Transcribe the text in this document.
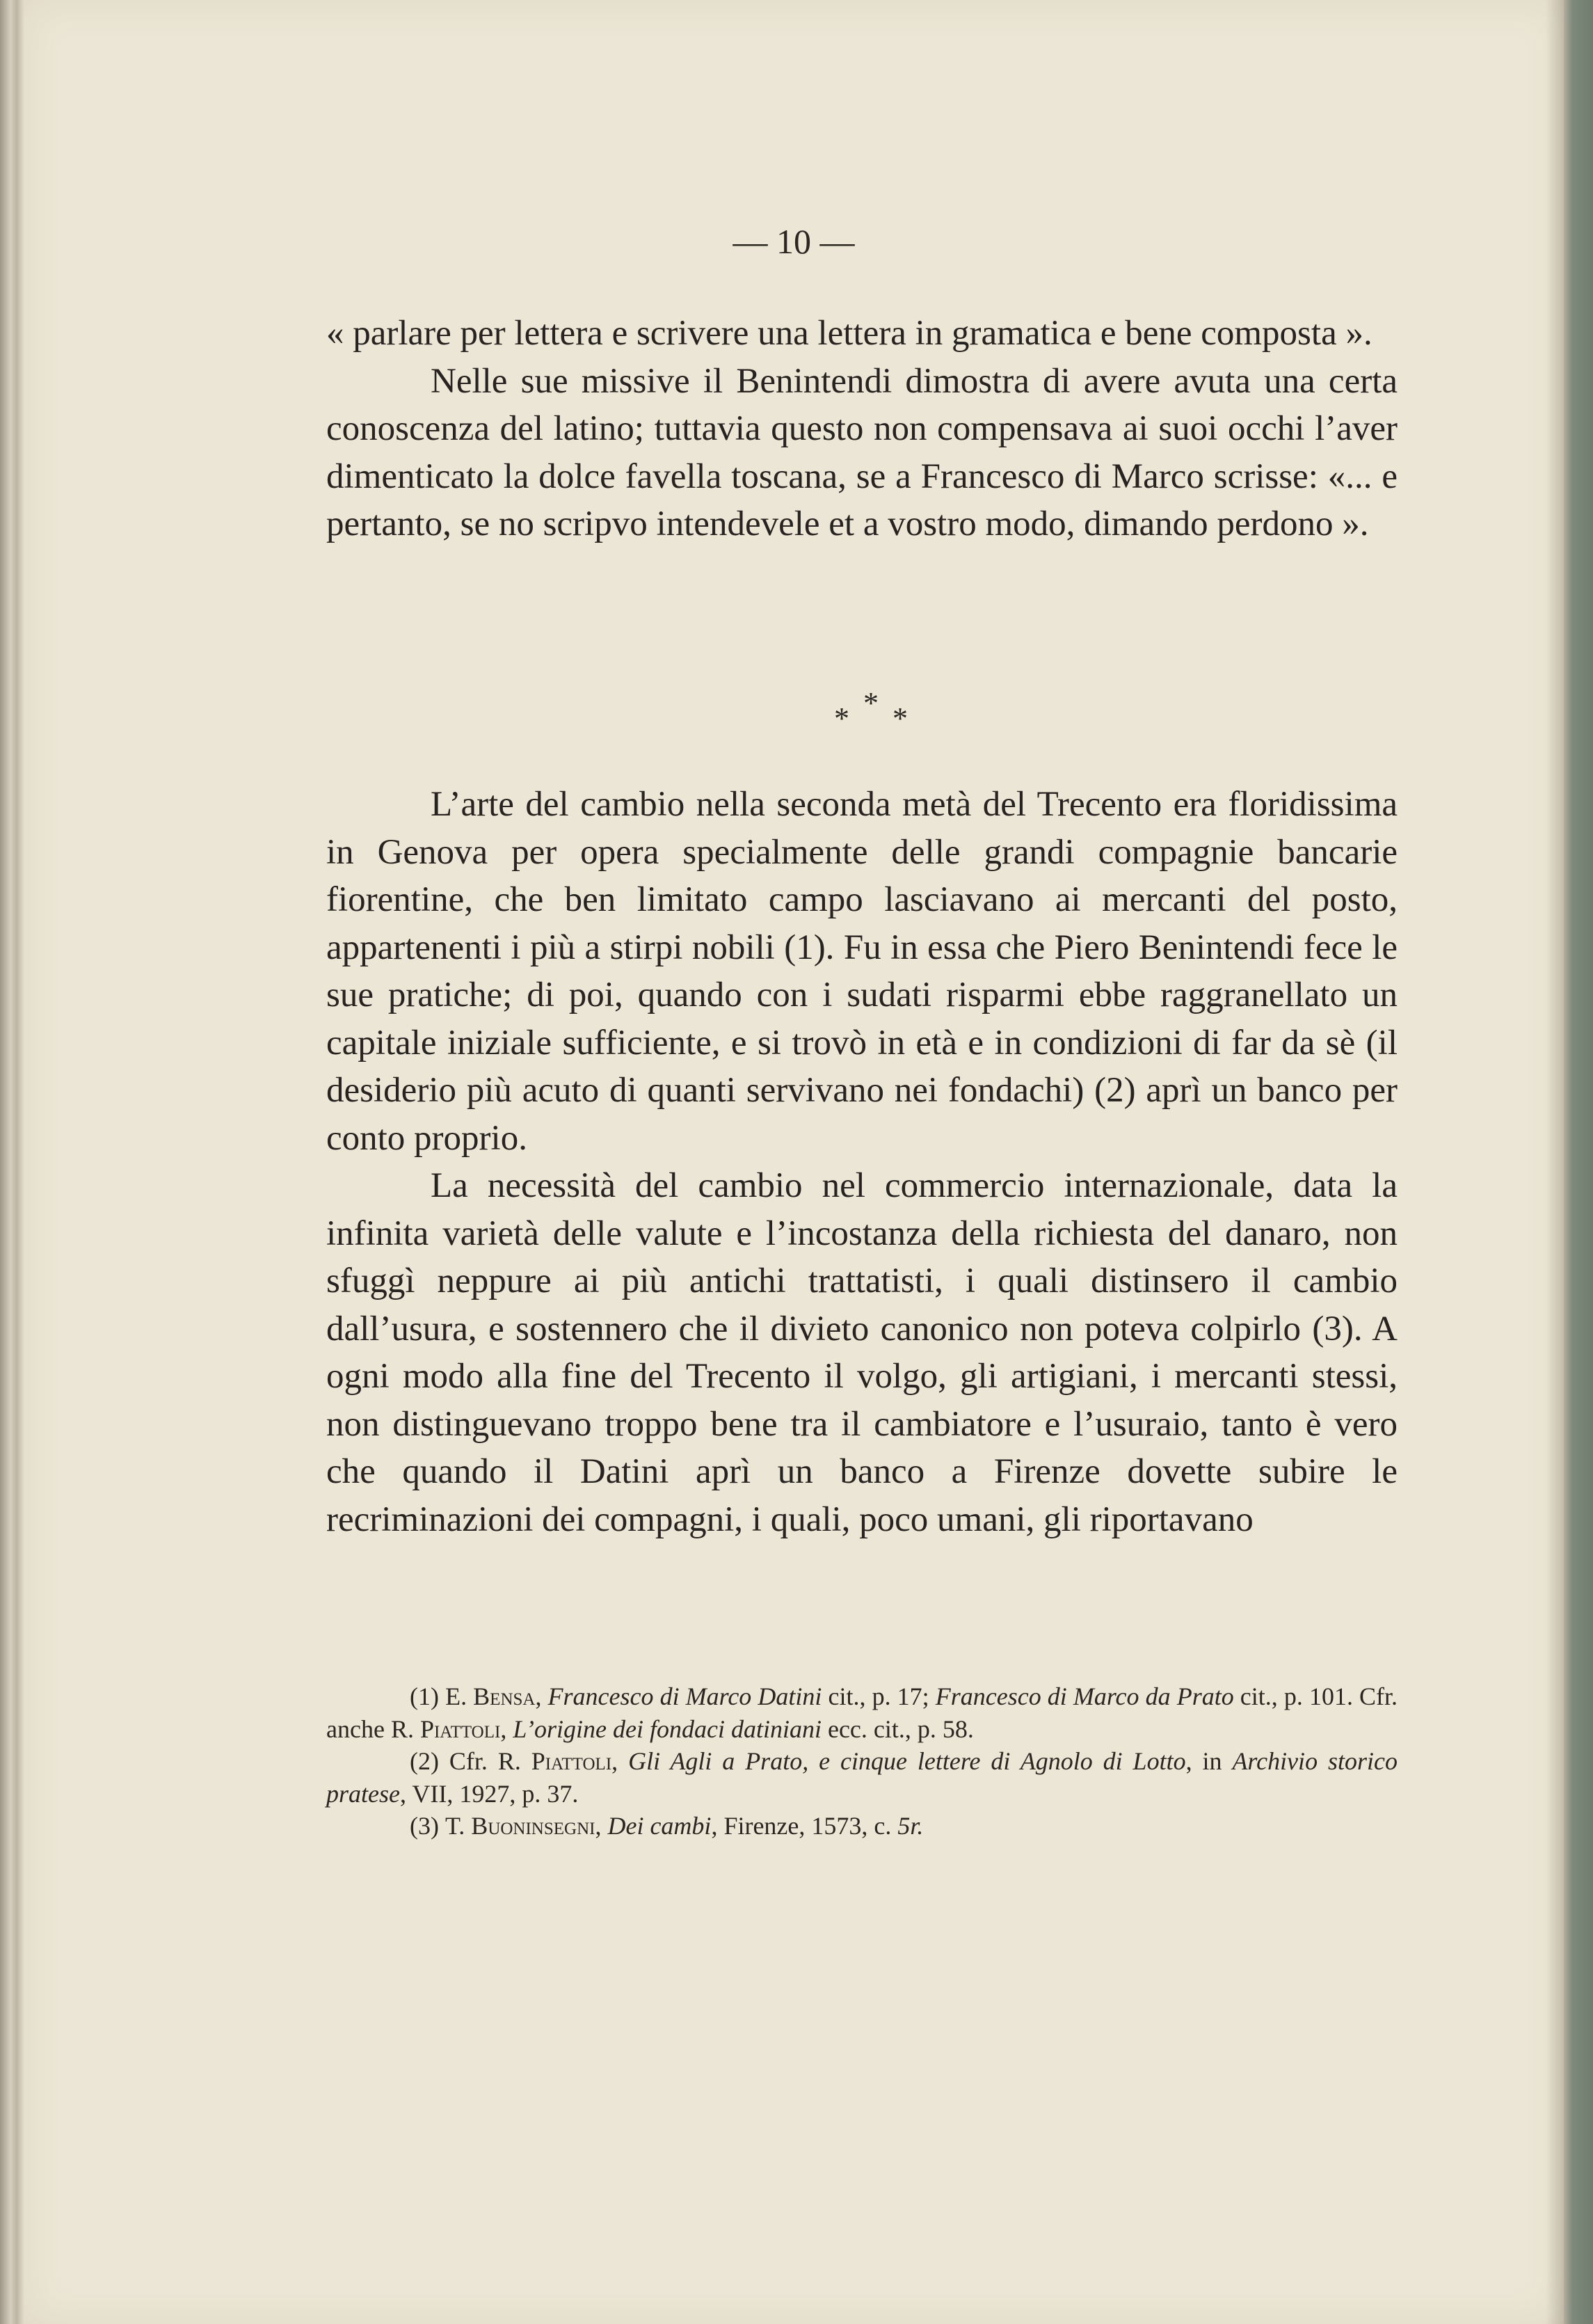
— 10 —

« parlare per lettera e scrivere una lettera in gramatica e bene composta ».

Nelle sue missive il Benintendi dimostra di avere avuta una certa conoscenza del latino; tuttavia questo non compensava ai suoi occhi l’aver dimenticato la dolce favella toscana, se a Francesco di Marco scrisse: «... e pertanto, se no scripvo intendevele et a vostro modo, dimando perdono ».

*
* *

L’arte del cambio nella seconda metà del Trecento era floridissima in Genova per opera specialmente delle grandi compagnie bancarie fiorentine, che ben limitato campo lasciavano ai mercanti del posto, appartenenti i più a stirpi nobili (1). Fu in essa che Piero Benintendi fece le sue pratiche; di poi, quando con i sudati risparmi ebbe raggranellato un capitale iniziale sufficiente, e si trovò in età e in condizioni di far da sè (il desiderio più acuto di quanti servivano nei fondachi) (2) aprì un banco per conto proprio.

La necessità del cambio nel commercio internazionale, data la infinita varietà delle valute e l’incostanza della richiesta del danaro, non sfuggì neppure ai più antichi trattatisti, i quali distinsero il cambio dall’usura, e sostennero che il divieto canonico non poteva colpirlo (3). A ogni modo alla fine del Trecento il volgo, gli artigiani, i mercanti stessi, non distinguevano troppo bene tra il cambiatore e l’usuraio, tanto è vero che quando il Datini aprì un banco a Firenze dovette subire le recriminazioni dei compagni, i quali, poco umani, gli riportavano

(1) E. Bensa, Francesco di Marco Datini cit., p. 17; Francesco di Marco da Prato cit., p. 101. Cfr. anche R. Piattoli, L’origine dei fondaci datiniani ecc. cit., p. 58.

(2) Cfr. R. Piattoli, Gli Agli a Prato, e cinque lettere di Agnolo di Lotto, in Archivio storico pratese, VII, 1927, p. 37.

(3) T. Buoninsegni, Dei cambi, Firenze, 1573, c. 5r.
